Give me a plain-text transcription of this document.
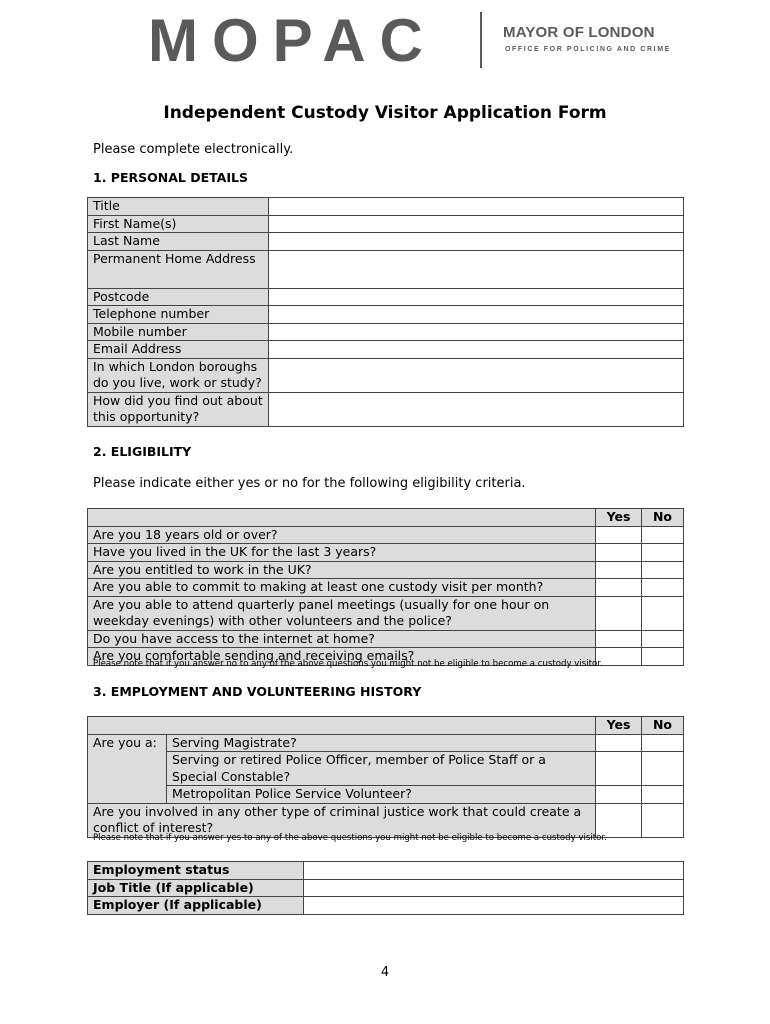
MOPAC	MAYOR OF LONDON
OFFICE FOR POLICING AND CRIME
Independent Custody Visitor Application Form
Please complete electronically.
1. PERSONAL DETAILS
Title	
First Name(s)	
Last Name	
Permanent Home Address	
Postcode	
Telephone number	
Mobile number	
Email Address	
In which London boroughs do you live, work or study?	
How did you find out about this opportunity?	
2. ELIGIBILITY
Please indicate either yes or no for the following eligibility criteria.
	Yes	No
Are you 18 years old or over?		
Have you lived in the UK for the last 3 years?		
Are you entitled to work in the UK?		
Are you able to commit to making at least one custody visit per month?		
Are you able to attend quarterly panel meetings (usually for one hour on weekday evenings) with other volunteers and the police?		
Do you have access to the internet at home?		
Are you comfortable sending and receiving emails?		
Please note that if you answer no to any of the above questions you might not be eligible to become a custody visitor.
3. EMPLOYMENT AND VOLUNTEERING HISTORY
		Yes	No
Are you a:	Serving Magistrate?		
	Serving or retired Police Officer, member of Police Staff or a Special Constable?		
	Metropolitan Police Service Volunteer?		
Are you involved in any other type of criminal justice work that could create a conflict of interest?			
Please note that if you answer yes to any of the above questions you might not be eligible to become a custody visitor.
Employment status	
Job Title (If applicable)	
Employer (If applicable)	
4
